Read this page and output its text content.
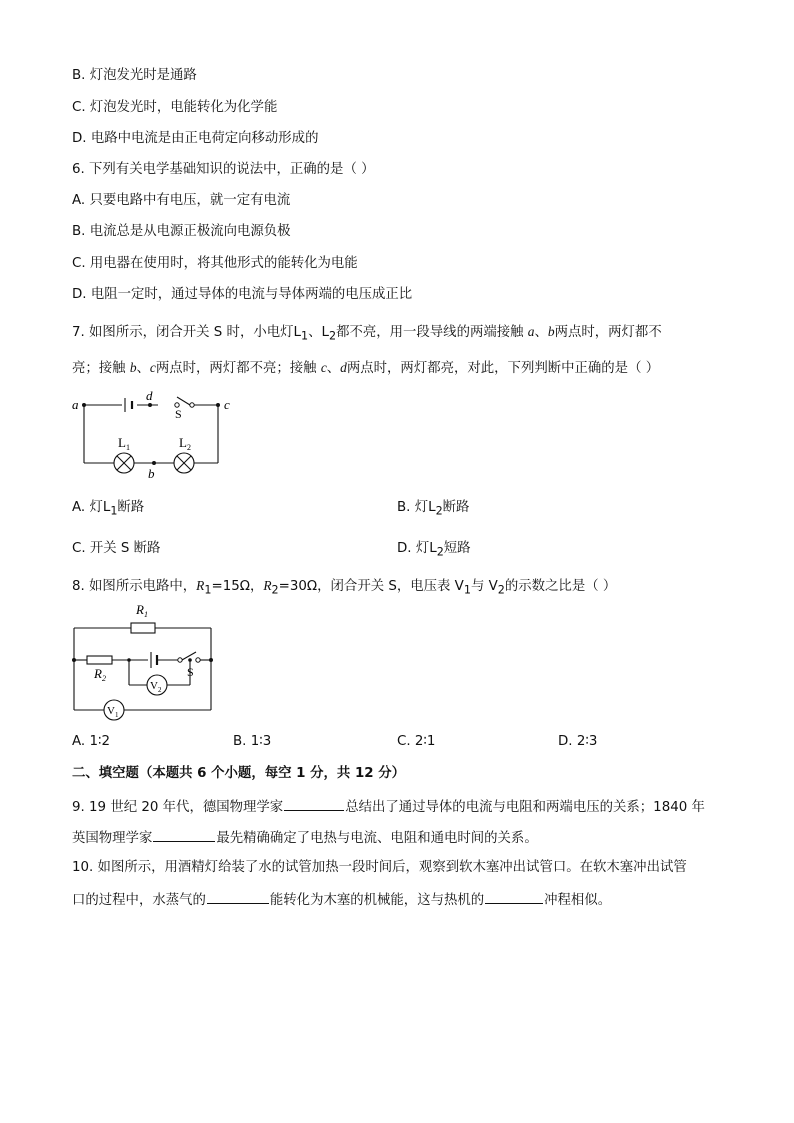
B. 灯泡发光时是通路
C. 灯泡发光时，电能转化为化学能
D. 电路中电流是由正电荷定向移动形成的
6. 下列有关电学基础知识的说法中，正确的是（ ）
A. 只要电路中有电压，就一定有电流
B. 电流总是从电源正极流向电源负极
C. 用电器在使用时，将其他形式的能转化为电能
D. 电阻一定时，通过导体的电流与导体两端的电压成正比
7. 如图所示，闭合开关 S 时，小电灯$L_1$、$L_2$都不亮，用一段导线的两端接触 a、b两点时，两灯都不
亮；接触 b、c两点时，两灯都不亮；接触 c、d两点时，两灯都亮，对此，下列判断中正确的是（ ）
a
d
S
c
$L_1$	$L_2$
b
A. 灯$L_1$断路	B. 灯$L_2$断路
C. 开关 S 断路	D. 灯$L_2$短路
8. 如图所示电路中，$R_1=15\Omega$，$R_2=30\Omega$，闭合开关 S，电压表 $V_1$与 $V_2$的示数之比是（ ）
$R_1$
$R_2$	S
$V_2$
$V_1$
A. 1∶2	B. 1∶3	C. 2∶1	D. 2∶3
二、填空题（本题共 6 个小题，每空 1 分，共 12 分）
9. 19 世纪 20 年代，德国物理学家	总结出了通过导体的电流与电阻和两端电压的关系；1840 年
英国物理学家	最先精确确定了电热与电流、电阻和通电时间的关系。
10. 如图所示，用酒精灯给装了水的试管加热一段时间后，观察到软木塞冲出试管口。在软木塞冲出试管
口的过程中，水蒸气的	能转化为木塞的机械能，这与热机的	冲程相似。
